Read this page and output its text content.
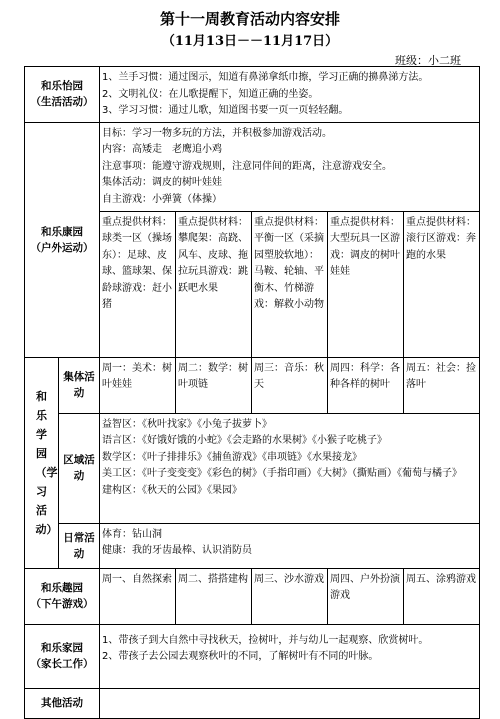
第十一周教育活动内容安排
（11月13日－－11月17日）
班级：小二班
和乐怡园
（生活活动）		1、兰手习惯：通过图示，知道有鼻涕拿纸巾擦，学习正确的擤鼻涕方法。
2、文明礼仪：在儿歌提醒下，知道正确的坐姿。
3、学习习惯：通过儿歌，知道图书要一页一页轻轻翻。				

和乐康园
（户外运动）		目标：学习一物多玩的方法，并积极参加游戏活动。
内容：高矮走　老鹰追小鸡
注意事项：能遵守游戏规则，注意同伴间的距离，注意游戏安全。
集体活动：调皮的树叶娃娃
自主游戏：小弹簧（体操）				

		重点提供材料：球类一区（操场东）：足球、皮球、篮球架、保龄球游戏：赶小猪	重点提供材料：攀爬架：高跷、风车、皮球、拖拉玩具游戏：跳跃吧水果	重点提供材料：平衡一区（采摘园塑胶软地）：马鞍、轮轴、平衡木、竹梯游戏：解救小动物	重点提供材料：大型玩具一区游戏：调皮的树叶娃娃	重点提供材料：滚行区游戏：奔跑的水果

和乐学园（学习活动）	集体活动	周一：美术：树叶娃娃	周二：数学：树叶项链	周三：音乐：秋天	周四：科学：各种各样的树叶	周五：社会：捡落叶
	区域活动	益智区：《秋叶找家》《小兔子拔萝卜》
语言区：《好饿好饿的小蛇》《会走路的水果树》《小猴子吃桃子》
数学区：《叶子排排乐》《捕鱼游戏》《串项链》《水果接龙》
美工区：《叶子变变变》《彩色的树》（手指印画）《大树》（撕贴画）《葡萄与橘子》
建构区：《秋天的公园》《果园》				

	日常活动	体育：钻山洞
健康：我的牙齿最棒、认识消防员				

和乐趣园
（下午游戏）		周一、自然探索	周二、搭搭建构	周三、沙水游戏	周四、户外扮演游戏	周五、涂鸦游戏

和乐家园
（家长工作）		1、带孩子到大自然中寻找秋天，捡树叶，并与幼儿一起观察、欣赏树叶。
2、带孩子去公园去观察秋叶的不同，了解树叶有不同的叶脉。				

其他活动						
